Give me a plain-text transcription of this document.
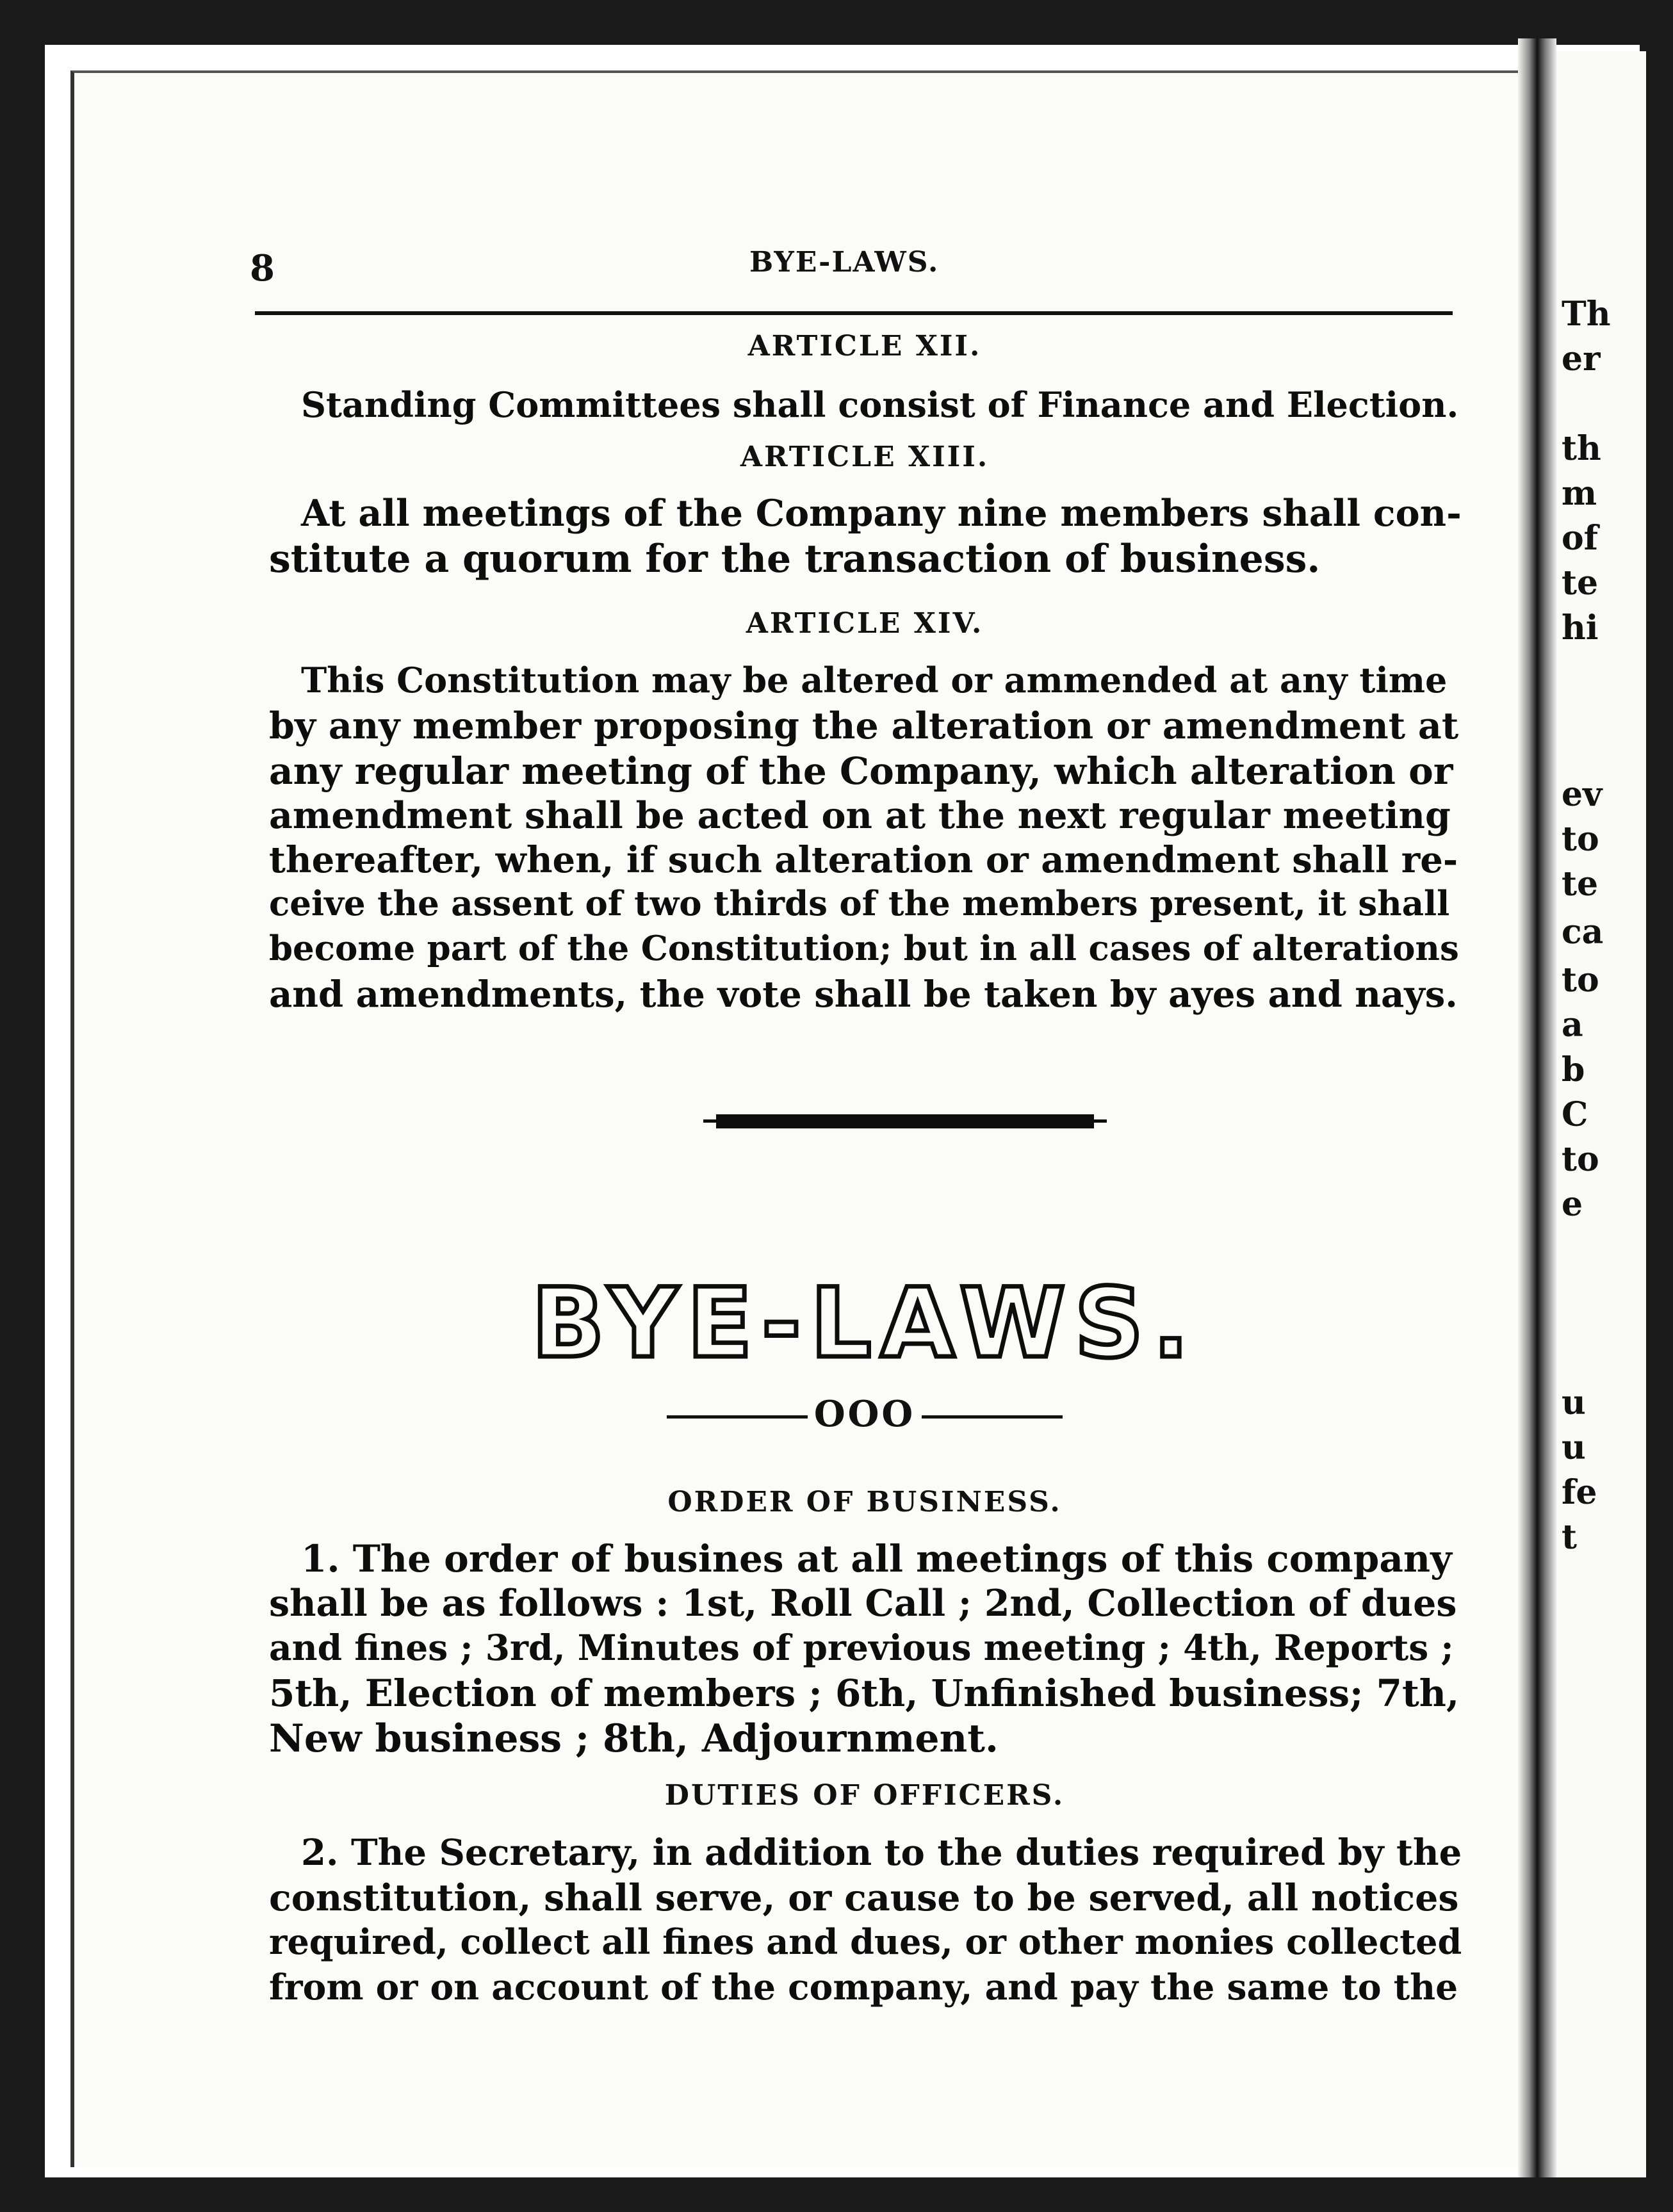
Th
er
th
m
of
te
hi
ev
to
te
ca
to
a
b
C
to
e
u
u
fe
t
8	BYE-LAWS.
ARTICLE XII.
Standing Committees shall consist of Finance and Election.
ARTICLE XIII.
At all meetings of the Company nine members shall con-
stitute a quorum for the transaction of business.
ARTICLE XIV.
This Constitution may be altered or ammended at any time
by any member proposing the alteration or amendment at
any regular meeting of the Company, which alteration or
amendment shall be acted on at the next regular meeting
thereafter, when, if such alteration or amendment shall re-
ceive the assent of two thirds of the members present, it shall
become part of the Constitution; but in all cases of alterations
and amendments, the vote shall be taken by ayes and nays.
BYE-LAWS.
OOO
ORDER OF BUSINESS.
1. The order of busines at all meetings of this company
shall be as follows : 1st, Roll Call ; 2nd, Collection of dues
and fines ; 3rd, Minutes of previous meeting ; 4th, Reports ;
5th, Election of members ; 6th, Unfinished business; 7th,
New business ; 8th, Adjournment.
DUTIES OF OFFICERS.
2. The Secretary, in addition to the duties required by the
constitution, shall serve, or cause to be served, all notices
required, collect all fines and dues, or other monies collected
from or on account of the company, and pay the same to the
